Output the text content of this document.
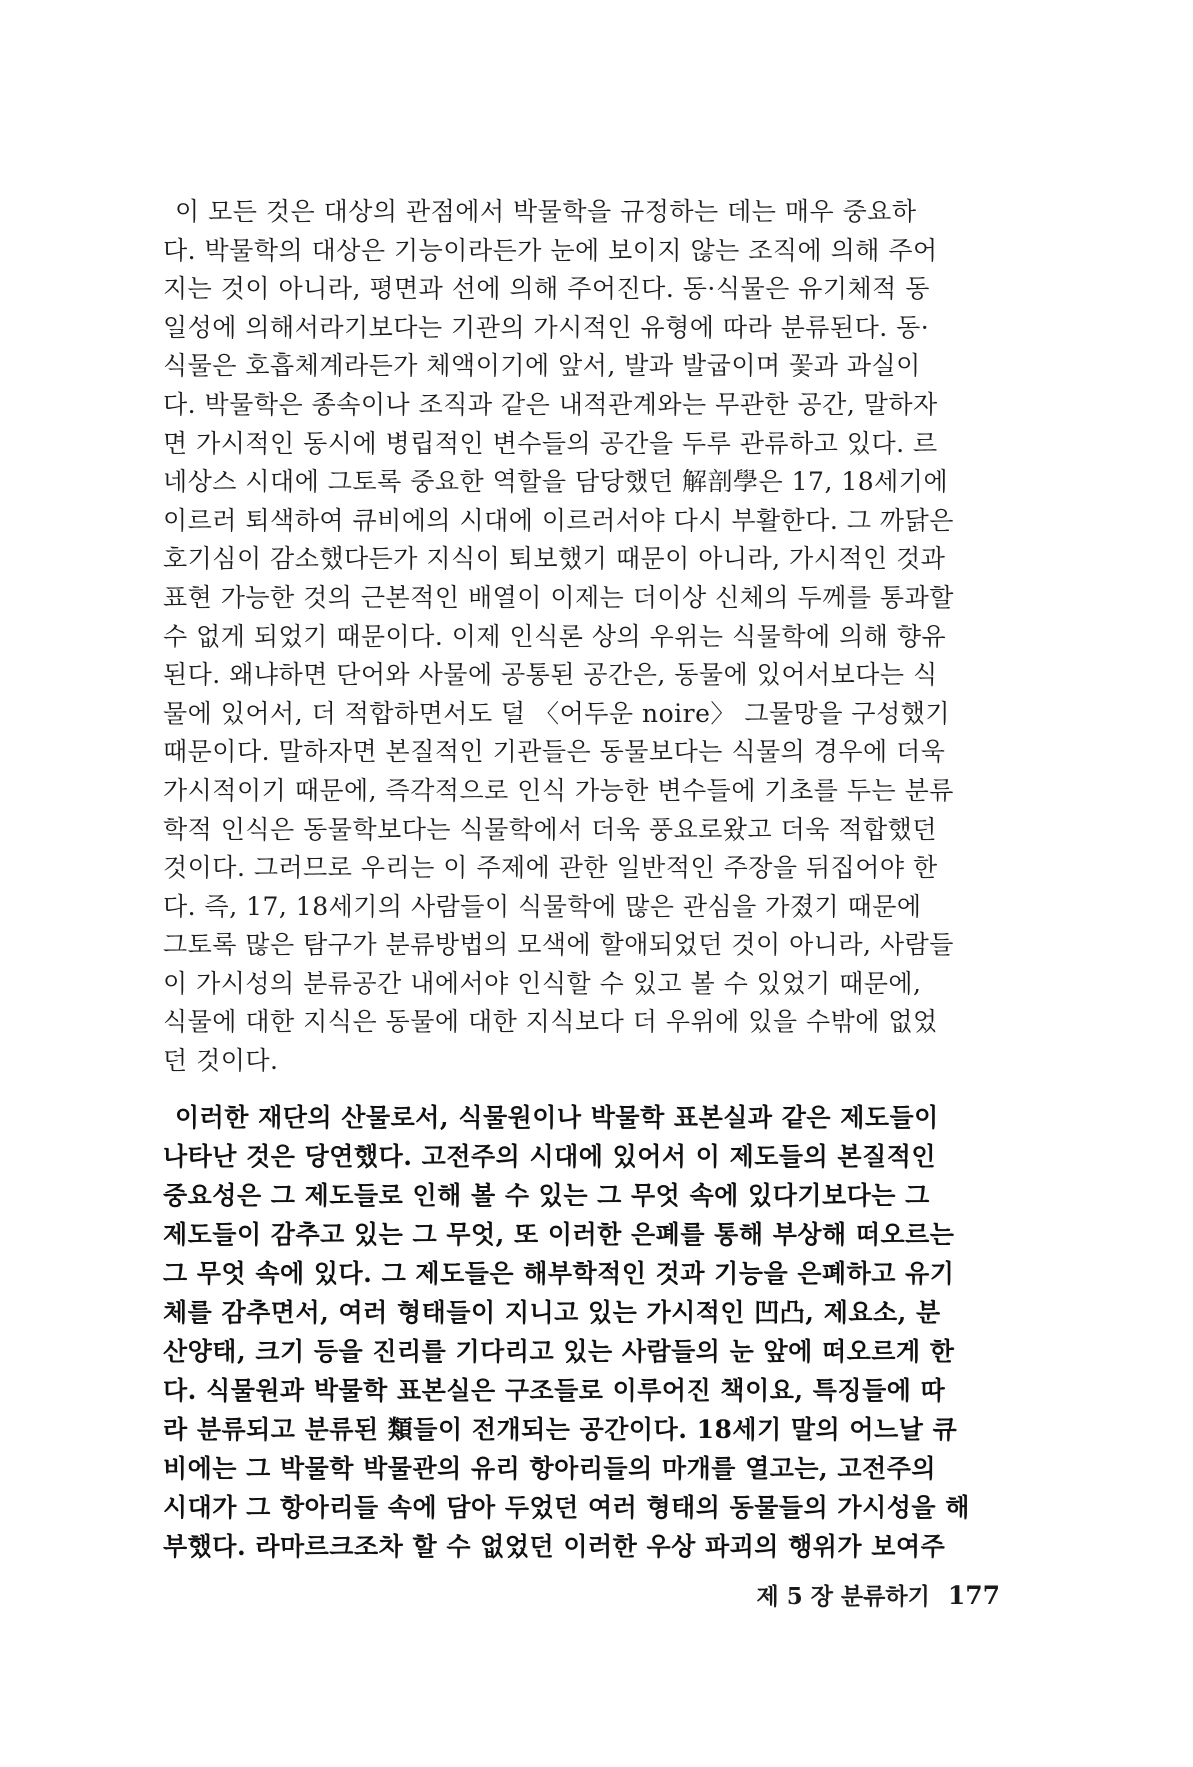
이 모든 것은 대상의 관점에서 박물학을 규정하는 데는 매우 중요하
다. 박물학의 대상은 기능이라든가 눈에 보이지 않는 조직에 의해 주어
지는 것이 아니라, 평면과 선에 의해 주어진다. 동·식물은 유기체적 동
일성에 의해서라기보다는 기관의 가시적인 유형에 따라 분류된다. 동·
식물은 호흡체계라든가 체액이기에 앞서, 발과 발굽이며 꽃과 과실이
다. 박물학은 종속이나 조직과 같은 내적관계와는 무관한 공간, 말하자
면 가시적인 동시에 병립적인 변수들의 공간을 두루 관류하고 있다. 르
네상스 시대에 그토록 중요한 역할을 담당했던 解剖學은 17, 18세기에
이르러 퇴색하여 큐비에의 시대에 이르러서야 다시 부활한다. 그 까닭은
호기심이 감소했다든가 지식이 퇴보했기 때문이 아니라, 가시적인 것과
표현 가능한 것의 근본적인 배열이 이제는 더이상 신체의 두께를 통과할
수 없게 되었기 때문이다. 이제 인식론 상의 우위는 식물학에 의해 향유
된다. 왜냐하면 단어와 사물에 공통된 공간은, 동물에 있어서보다는 식
물에 있어서, 더 적합하면서도 덜 〈어두운 noire〉 그물망을 구성했기
때문이다. 말하자면 본질적인 기관들은 동물보다는 식물의 경우에 더욱
가시적이기 때문에, 즉각적으로 인식 가능한 변수들에 기초를 두는 분류
학적 인식은 동물학보다는 식물학에서 더욱 풍요로왔고 더욱 적합했던
것이다. 그러므로 우리는 이 주제에 관한 일반적인 주장을 뒤집어야 한
다. 즉, 17, 18세기의 사람들이 식물학에 많은 관심을 가졌기 때문에
그토록 많은 탐구가 분류방법의 모색에 할애되었던 것이 아니라, 사람들
이 가시성의 분류공간 내에서야 인식할 수 있고 볼 수 있었기 때문에,
식물에 대한 지식은 동물에 대한 지식보다 더 우위에 있을 수밖에 없었
던 것이다.
이러한 재단의 산물로서, 식물원이나 박물학 표본실과 같은 제도들이
나타난 것은 당연했다. 고전주의 시대에 있어서 이 제도들의 본질적인
중요성은 그 제도들로 인해 볼 수 있는 그 무엇 속에 있다기보다는 그
제도들이 감추고 있는 그 무엇, 또 이러한 은폐를 통해 부상해 떠오르는
그 무엇 속에 있다. 그 제도들은 해부학적인 것과 기능을 은폐하고 유기
체를 감추면서, 여러 형태들이 지니고 있는 가시적인 凹凸, 제요소, 분
산양태, 크기 등을 진리를 기다리고 있는 사람들의 눈 앞에 떠오르게 한
다. 식물원과 박물학 표본실은 구조들로 이루어진 책이요, 특징들에 따
라 분류되고 분류된 類들이 전개되는 공간이다. 18세기 말의 어느날 큐
비에는 그 박물학 박물관의 유리 항아리들의 마개를 열고는, 고전주의
시대가 그 항아리들 속에 담아 두었던 여러 형태의 동물들의 가시성을 해
부했다. 라마르크조차 할 수 없었던 이러한 우상 파괴의 행위가 보여주
제 5 장 분류하기 177
